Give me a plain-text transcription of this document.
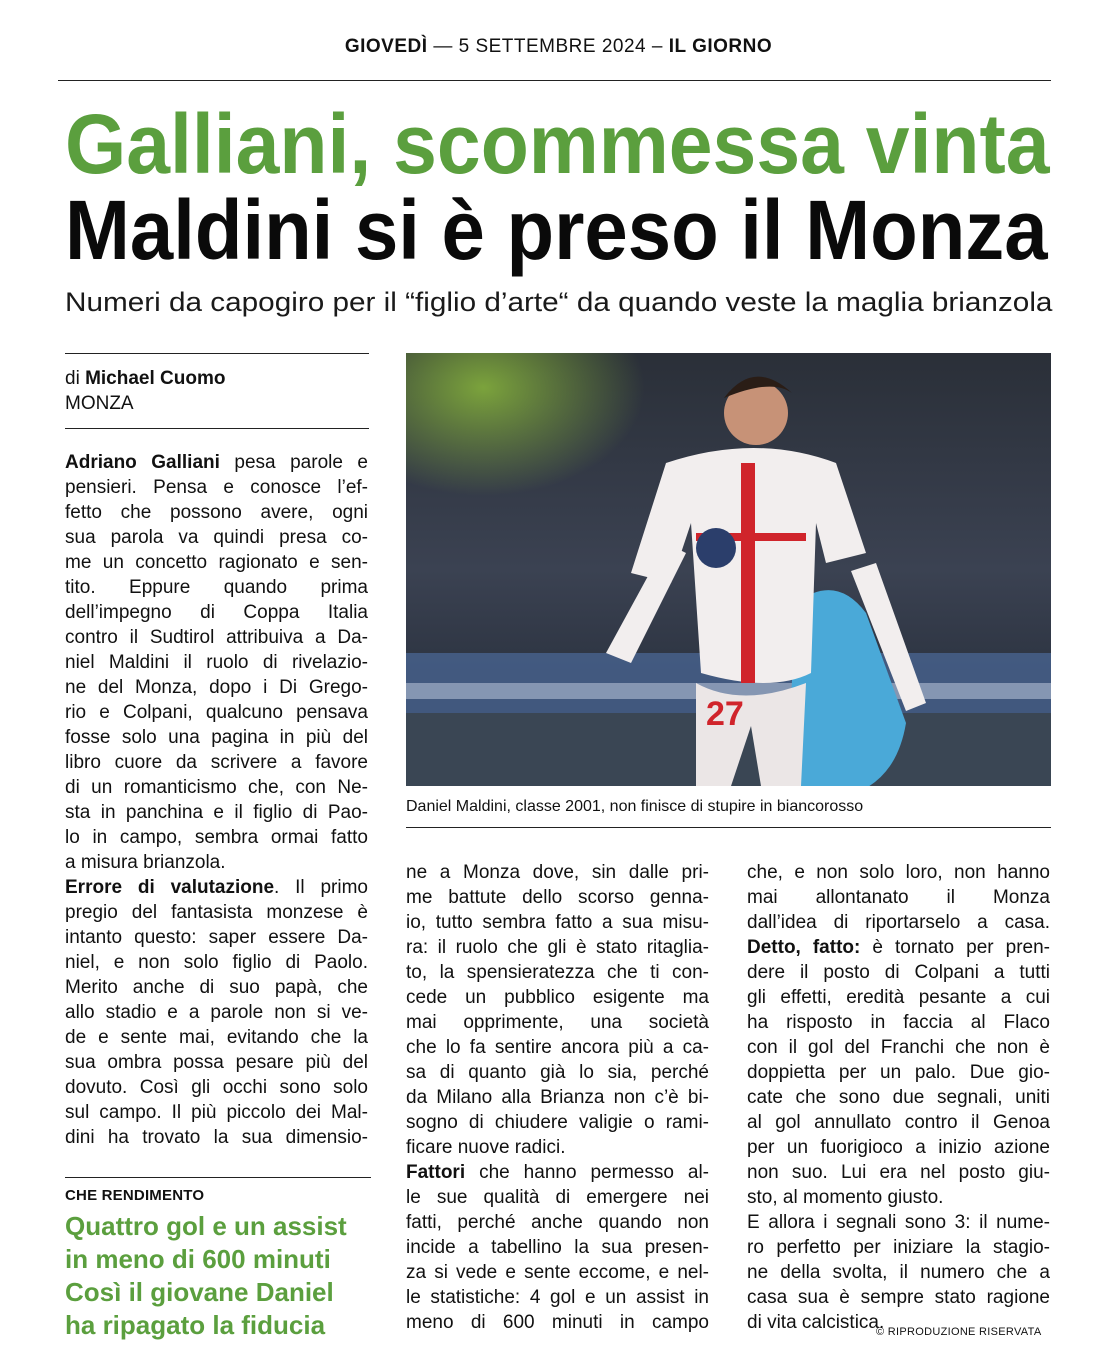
GIOVEDÌ — 5 SETTEMBRE 2024 – IL GIORNO
Galliani, scommessa vinta
Maldini si è preso il Monza
Numeri da capogiro per il “figlio d’arte“ da quando veste la maglia brianzola
di Michael Cuomo
MONZA
Adriano Galliani pesa parole e
pensieri. Pensa e conosce l’ef-
fetto che possono avere, ogni
sua parola va quindi presa co-
me un concetto ragionato e sen-
tito. Eppure quando prima
dell’impegno di Coppa Italia
contro il Sudtirol attribuiva a Da-
niel Maldini il ruolo di rivelazio-
ne del Monza, dopo i Di Grego-
rio e Colpani, qualcuno pensava
fosse solo una pagina in più del
libro cuore da scrivere a favore
di un romanticismo che, con Ne-
sta in panchina e il figlio di Pao-
lo in campo, sembra ormai fatto
a misura brianzola.
Errore di valutazione. Il primo
pregio del fantasista monzese è
intanto questo: saper essere Da-
niel, e non solo figlio di Paolo.
Merito anche di suo papà, che
allo stadio e a parole non si ve-
de e sente mai, evitando che la
sua ombra possa pesare più del
dovuto. Così gli occhi sono solo
sul campo. Il più piccolo dei Mal-
dini ha trovato la sua dimensio-
ne a Monza dove, sin dalle pri-
me battute dello scorso genna-
io, tutto sembra fatto a sua misu-
ra: il ruolo che gli è stato ritaglia-
to, la spensieratezza che ti con-
cede un pubblico esigente ma
mai opprimente, una società
che lo fa sentire ancora più a ca-
sa di quanto già lo sia, perché
da Milano alla Brianza non c’è bi-
sogno di chiudere valigie o rami-
ficare nuove radici.
Fattori che hanno permesso al-
le sue qualità di emergere nei
fatti, perché anche quando non
incide a tabellino la sua presen-
za si vede e sente eccome, e nel-
le statistiche: 4 gol e un assist in
meno di 600 minuti in campo
che, e non solo loro, non hanno
mai allontanato il Monza
dall’idea di riportarselo a casa.
Detto, fatto: è tornato per pren-
dere il posto di Colpani a tutti
gli effetti, eredità pesante a cui
ha risposto in faccia al Flaco
con il gol del Franchi che non è
doppietta per un palo. Due gio-
cate che sono due segnali, uniti
al gol annullato contro il Genoa
per un fuorigioco a inizio azione
non suo. Lui era nel posto giu-
sto, al momento giusto.
E allora i segnali sono 3: il nume-
ro perfetto per iniziare la stagio-
ne della svolta, il numero che a
casa sua è sempre stato ragione
di vita calcistica.
27
Daniel Maldini, classe 2001, non finisce di stupire in biancorosso
CHE RENDIMENTO
Quattro gol e un assist
in meno di 600 minuti
Così il giovane Daniel
ha ripagato la fiducia	© RIPRODUZIONE RISERVATA
